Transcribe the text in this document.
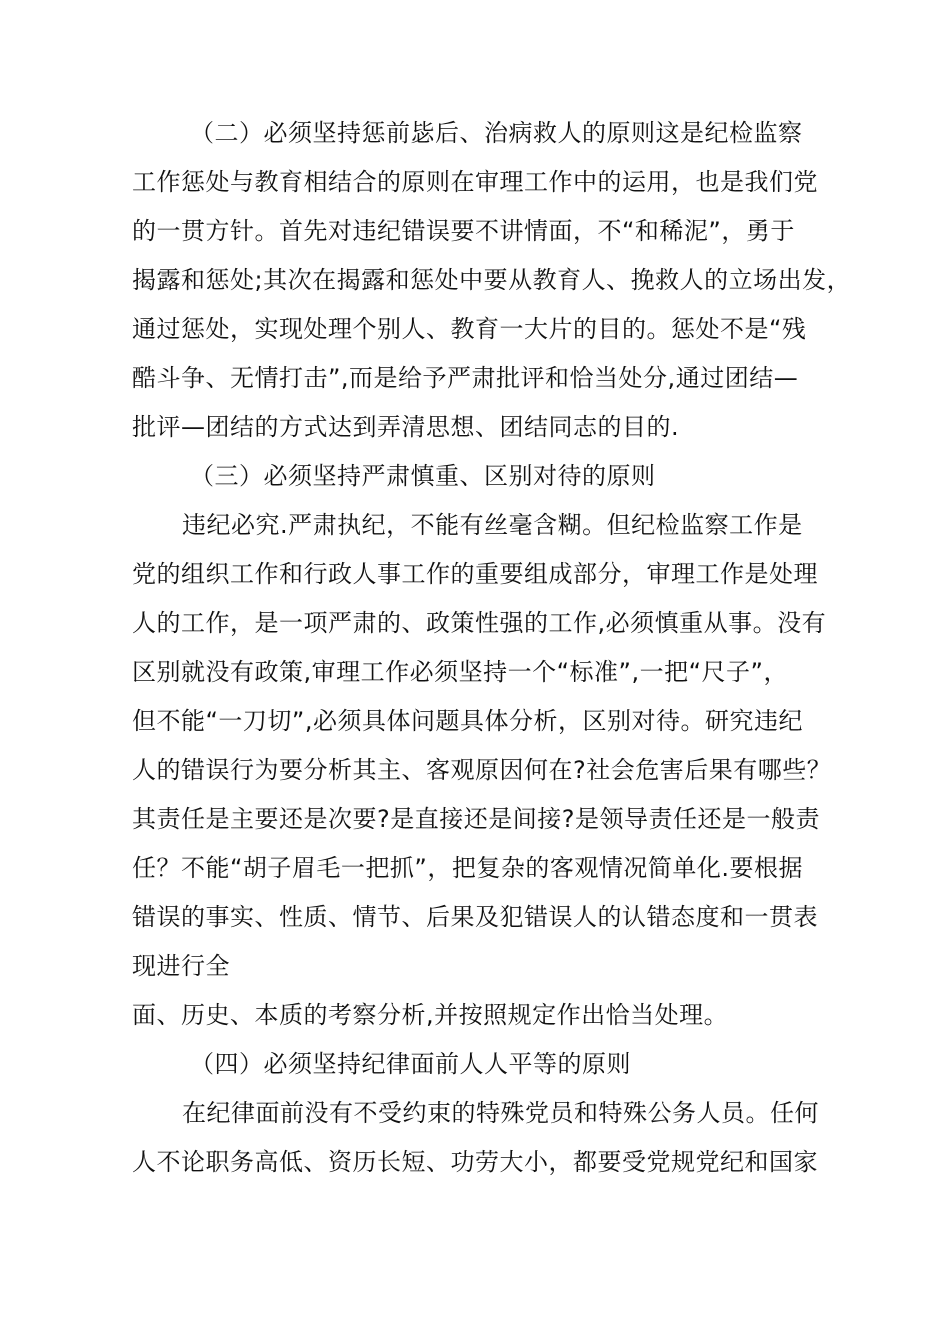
（二）必须坚持惩前毖后、治病救人的原则这是纪检监察
工作惩处与教育相结合的原则在审理工作中的运用，也是我们党
的一贯方针。首先对违纪错误要不讲情面，不“和稀泥”，勇于
揭露和惩处;其次在揭露和惩处中要从教育人、挽救人的立场出发，
通过惩处，实现处理个别人、教育一大片的目的。惩处不是“残
酷斗争、无情打击”,而是给予严肃批评和恰当处分,通过团结—
批评—团结的方式达到弄清思想、团结同志的目的.
（三）必须坚持严肃慎重、区别对待的原则
违纪必究.严肃执纪，不能有丝毫含糊。但纪检监察工作是
党的组织工作和行政人事工作的重要组成部分，审理工作是处理
人的工作，是一项严肃的、政策性强的工作,必须慎重从事。没有
区别就没有政策,审理工作必须坚持一个“标准”,一把“尺子”，
但不能“一刀切”,必须具体问题具体分析，区别对待。研究违纪
人的错误行为要分析其主、客观原因何在?社会危害后果有哪些？
其责任是主要还是次要?是直接还是间接?是领导责任还是一般责
任？不能“胡子眉毛一把抓”，把复杂的客观情况简单化.要根据
错误的事实、性质、情节、后果及犯错误人的认错态度和一贯表
现进行全
面、历史、本质的考察分析,并按照规定作出恰当处理。
（四）必须坚持纪律面前人人平等的原则
在纪律面前没有不受约束的特殊党员和特殊公务人员。任何
人不论职务高低、资历长短、功劳大小，都要受党规党纪和国家
